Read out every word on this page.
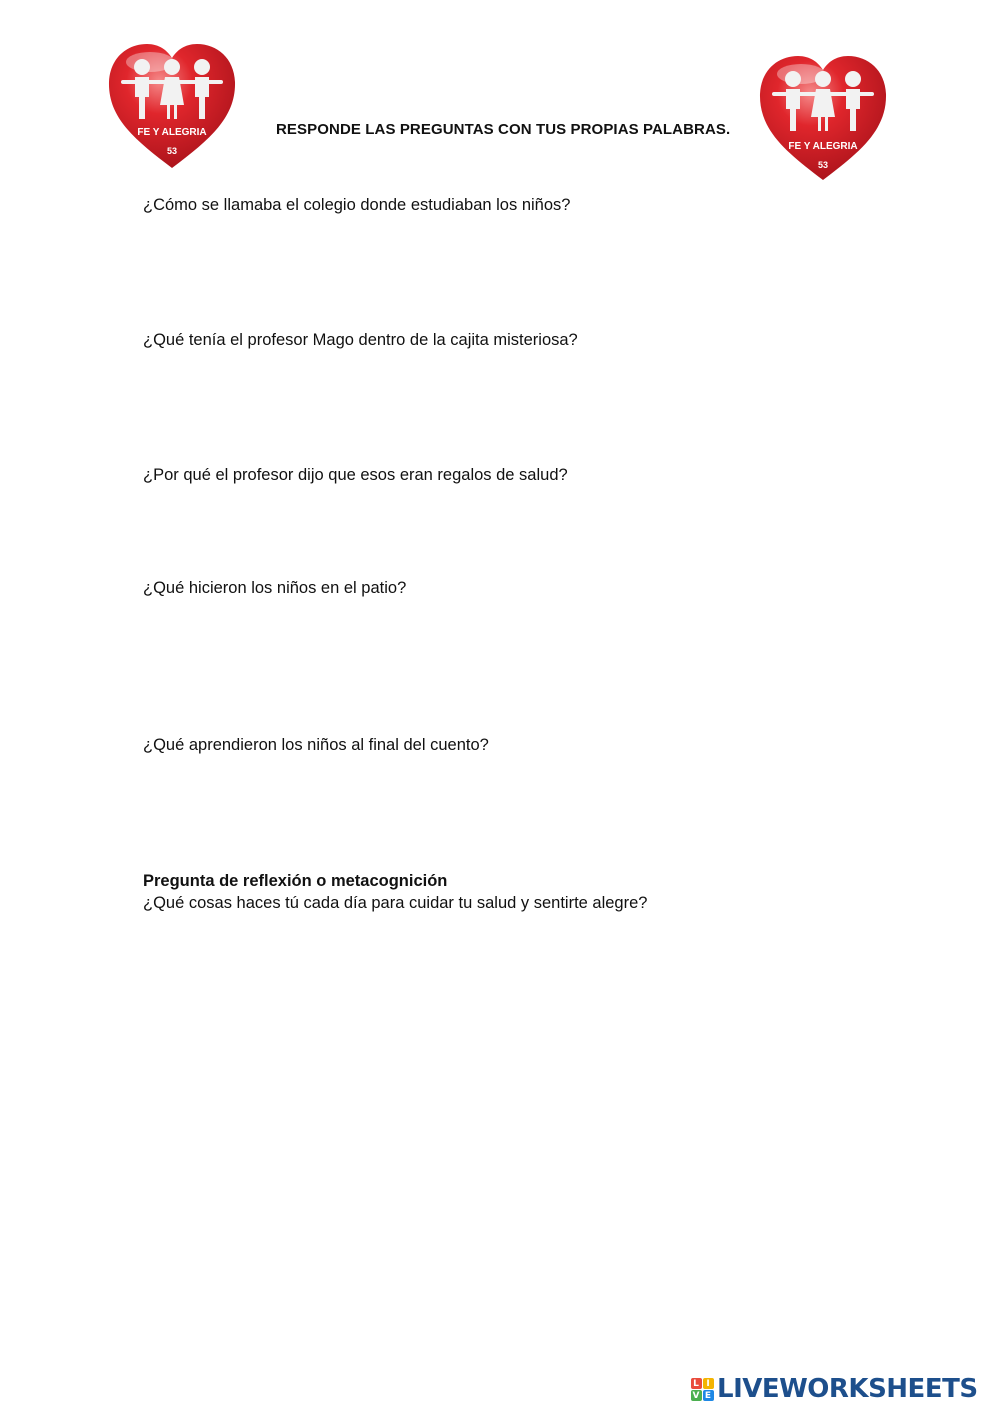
FE Y ALEGRIA
53	FE Y ALEGRIA
53
RESPONDE LAS PREGUNTAS CON TUS PROPIAS PALABRAS.
¿Cómo se llamaba el colegio donde estudiaban los niños?
¿Qué tenía el profesor Mago dentro de la cajita misteriosa?
¿Por qué el profesor dijo que esos eran regalos de salud?
¿Qué hicieron los niños en el patio?
¿Qué aprendieron los niños al final del cuento?
Pregunta de reflexión o metacognición
¿Qué cosas haces tú cada día para cuidar tu salud y sentirte alegre?
L I
V E LIVEWORKSHEETS
